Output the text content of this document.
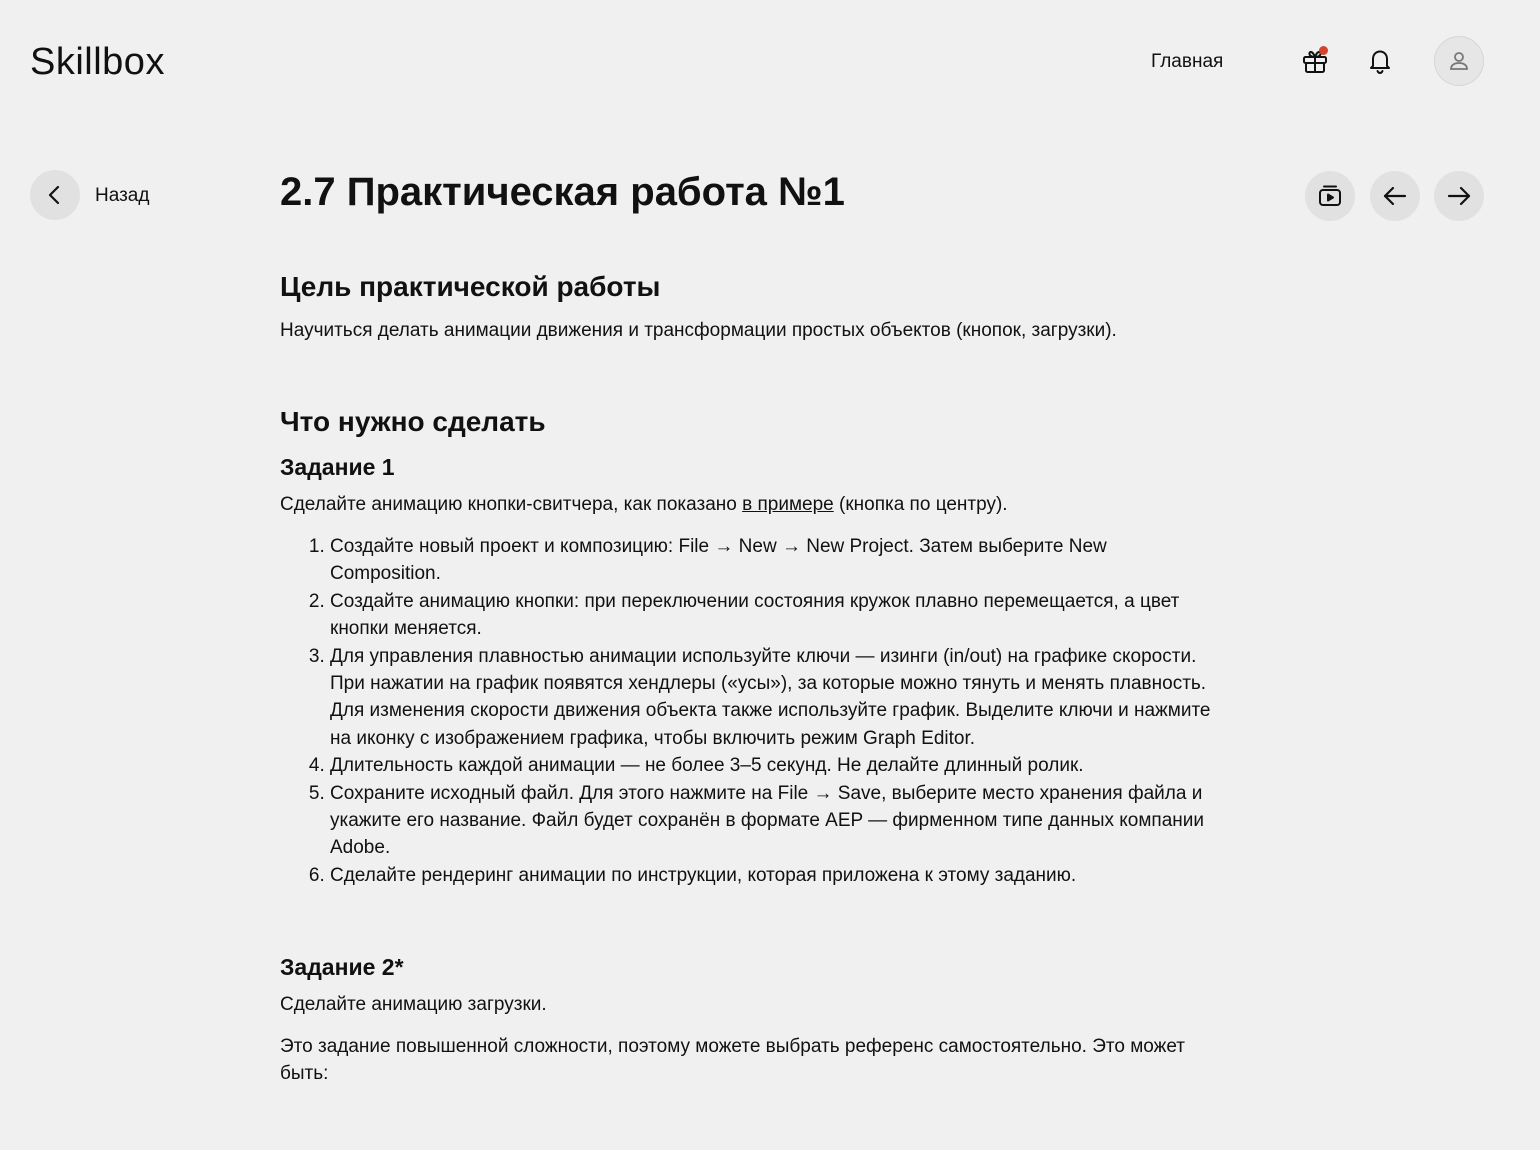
Skillbox	Главная
Назад	2.7 Практическая работа №1
Цель практической работы

Научиться делать анимации движения и трансформации простых объектов (кнопок, загрузки).

Что нужно сделать
Задание 1

Сделайте анимацию кнопки-свитчера, как показано в примере (кнопка по центру).

1. Создайте новый проект и композицию: File → New → New Project. Затем выберите New Composition.
2. Создайте анимацию кнопки: при переключении состояния кружок плавно перемещается, а цвет кнопки меняется.
3. Для управления плавностью анимации используйте ключи — изинги (in/out) на графике скорости. При нажатии на график появятся хендлеры («усы»), за которые можно тянуть и менять плавность. Для изменения скорости движения объекта также используйте график. Выделите ключи и нажмите на иконку с изображением графика, чтобы включить режим Graph Editor.
4. Длительность каждой анимации — не более 3–5 секунд. Не делайте длинный ролик.
5. Сохраните исходный файл. Для этого нажмите на File → Save, выберите место хранения файла и укажите его название. Файл будет сохранён в формате AEP — фирменном типе данных компании Adobe.
6. Сделайте рендеринг анимации по инструкции, которая приложена к этому заданию.
Задание 2*

Сделайте анимацию загрузки.

Это задание повышенной сложности, поэтому можете выбрать референс самостоятельно. Это может быть:
